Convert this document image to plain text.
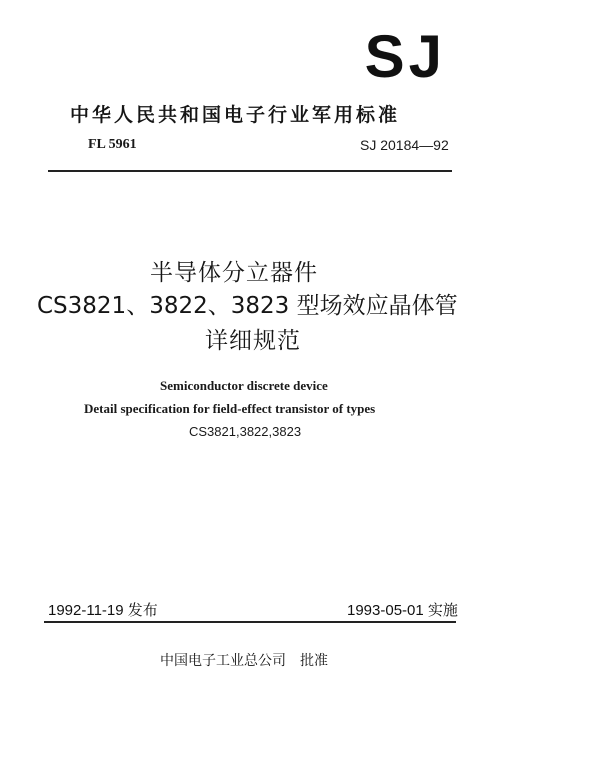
SJ
中华人民共和国电子行业军用标准
FL 5961	SJ 20184—92
半导体分立器件
CS3821、3822、3823 型场效应晶体管
详细规范
Semiconductor discrete device
Detail specification for field-effect transistor of types
CS3821,3822,3823
1992-11-19 发布	1993-05-01 实施
中国电子工业总公司 批准
